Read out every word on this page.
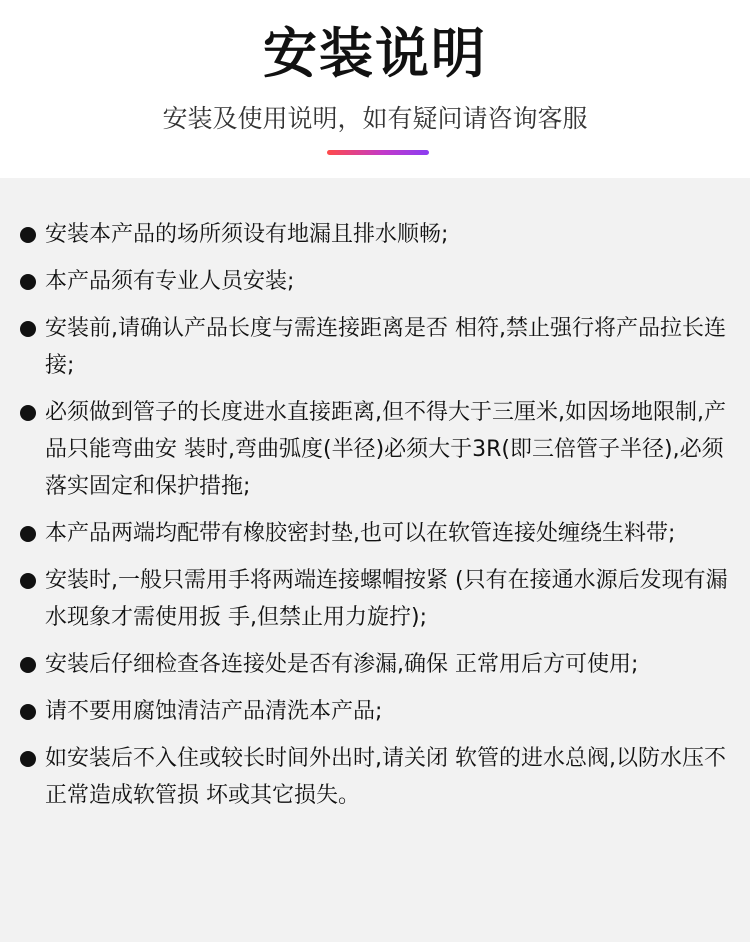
安装说明
安装及使用说明，如有疑问请咨询客服
安装本产品的场所须设有地漏且排水顺畅;
本产品须有专业人员安装;
安装前,请确认产品长度与需连接距离是否 相符,禁止强行将产品拉长连接;
必须做到管子的长度进水直接距离,但不得大于三厘米,如因场地限制,产品只能弯曲安 装时,弯曲弧度(半径)必须大于3R(即三倍管子半径),必须落实固定和保护措拖;
本产品两端均配带有橡胶密封垫,也可以在软管连接处缠绕生料带;
安装时,一般只需用手将两端连接螺帽按紧 (只有在接通水源后发现有漏水现象才需使用扳 手,但禁止用力旋拧);
安装后仔细检查各连接处是否有渗漏,确保 正常用后方可使用;
请不要用腐蚀清洁产品清洗本产品;
如安装后不入住或较长时间外出时,请关闭 软管的进水总阀,以防水压不正常造成软管损 坏或其它损失。
